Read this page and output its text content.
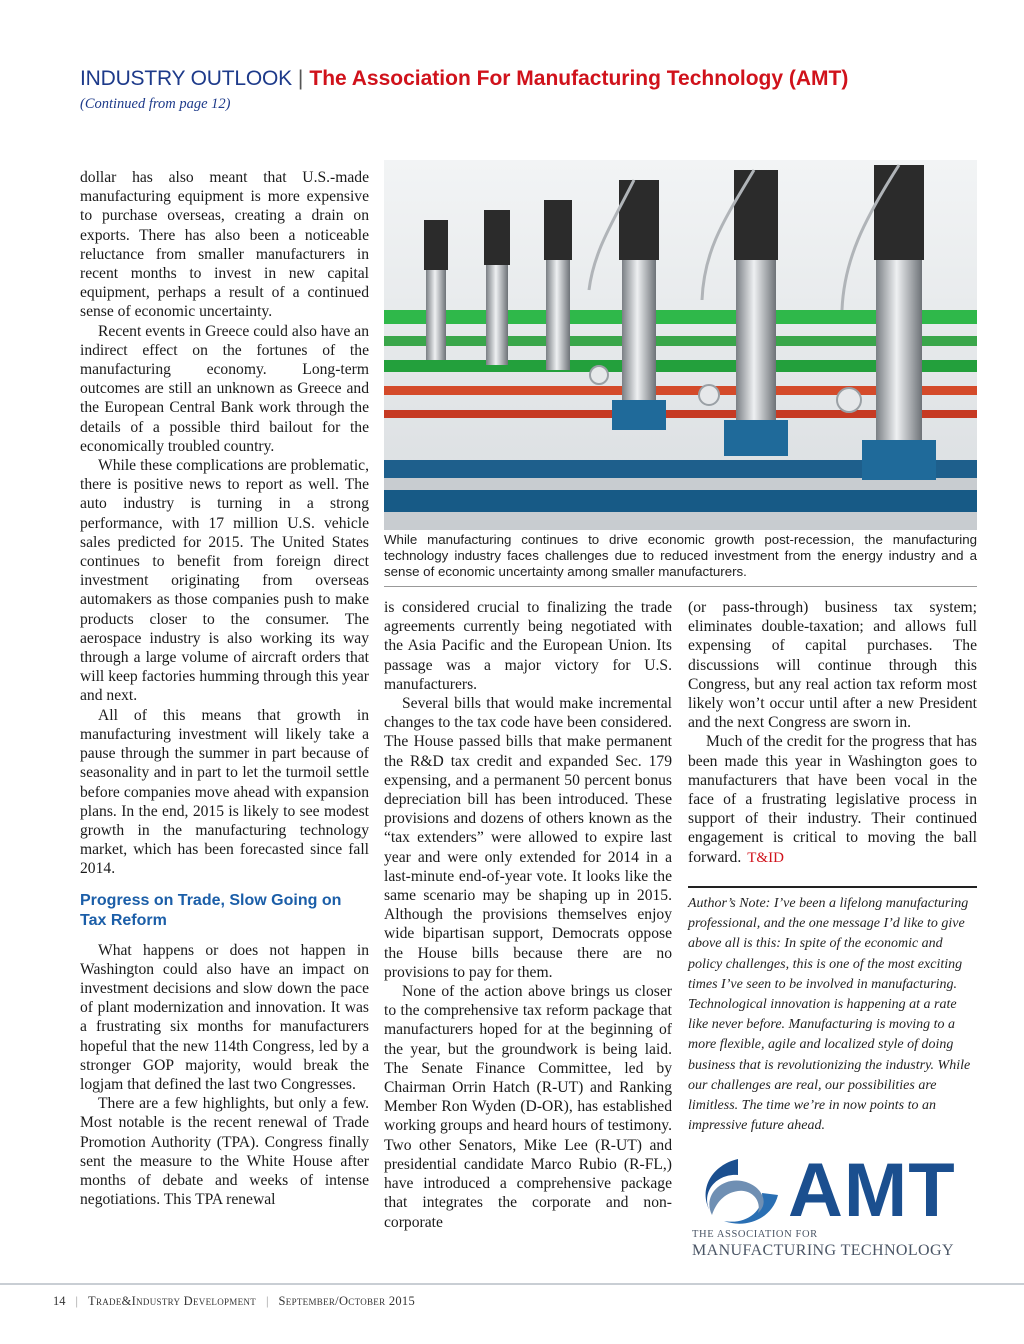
INDUSTRY OUTLOOK | The Association For Manufacturing Technology (AMT)
(Continued from page 12)

dollar has also meant that U.S.-made manufacturing equipment is more expensive to purchase overseas, creating a drain on exports. There has also been a noticeable reluctance from smaller manufacturers in recent months to invest in new capital equipment, perhaps a result of a continued sense of economic uncertainty.

Recent events in Greece could also have an indirect effect on the fortunes of the manufacturing economy. Long-term outcomes are still an unknown as Greece and the European Central Bank work through the details of a possible third bailout for the economically troubled country.

While these complications are problematic, there is positive news to report as well. The auto industry is turning in a strong performance, with 17 million U.S. vehicle sales predicted for 2015. The United States continues to benefit from foreign direct investment originating from overseas automakers as those companies push to make products closer to the consumer. The aerospace industry is also working its way through a large volume of aircraft orders that will keep factories humming through this year and next.

All of this means that growth in manufacturing investment will likely take a pause through the summer in part because of seasonality and in part to let the turmoil settle before companies move ahead with expansion plans. In the end, 2015 is likely to see modest growth in the manufacturing technology market, which has been forecasted since fall 2014.

Progress on Trade, Slow Going on Tax Reform

What happens or does not happen in Washington could also have an impact on investment decisions and slow down the pace of plant modernization and innovation. It was a frustrating six months for manufacturers hopeful that the new 114th Congress, led by a stronger GOP majority, would break the logjam that defined the last two Congresses.

There are a few highlights, but only a few. Most notable is the recent renewal of Trade Promotion Authority (TPA). Congress finally sent the measure to the White House after months of debate and weeks of intense negotiations. This TPA renewal

While manufacturing continues to drive economic growth post-recession, the manufacturing technology industry faces challenges due to reduced investment from the energy industry and a sense of economic uncertainty among smaller manufacturers.

is considered crucial to finalizing the trade agreements currently being negotiated with the Asia Pacific and the European Union. Its passage was a major victory for U.S. manufacturers.

Several bills that would make incremental changes to the tax code have been considered. The House passed bills that make permanent the R&D tax credit and expanded Sec. 179 expensing, and a permanent 50 percent bonus depreciation bill has been introduced. These provisions and dozens of others known as the “tax extenders” were allowed to expire last year and were only extended for 2014 in a last-minute end-of-year vote. It looks like the same scenario may be shaping up in 2015. Although the provisions themselves enjoy wide bipartisan support, Democrats oppose the House bills because there are no provisions to pay for them.

None of the action above brings us closer to the comprehensive tax reform package that manufacturers hoped for at the beginning of the year, but the groundwork is being laid. The Senate Finance Committee, led by Chairman Orrin Hatch (R-UT) and Ranking Member Ron Wyden (D-OR), has established working groups and heard hours of testimony. Two other Senators, Mike Lee (R-UT) and presidential candidate Marco Rubio (R-FL,) have introduced a comprehensive package that integrates the corporate and non-corporate

(or pass-through) business tax system; eliminates double-taxation; and allows full expensing of capital purchases. The discussions will continue through this Congress, but any real action tax reform most likely won’t occur until after a new President and the next Congress are sworn in.

Much of the credit for the progress that has been made this year in Washington goes to manufacturers that have been vocal in the face of a frustrating legislative process in support of their industry. Their continued engagement is critical to moving the ball forward. T&ID

Author’s Note: I’ve been a lifelong manufacturing professional, and the one message I’d like to give above all is this: In spite of the economic and policy challenges, this is one of the most exciting times I’ve seen to be involved in manufacturing. Technological innovation is happening at a rate like never before. Manufacturing is moving to a more flexible, agile and localized style of doing business that is revolutionizing the industry. While our challenges are real, our possibilities are limitless. The time we’re in now points to an impressive future ahead.
AMT
THE ASSOCIATION FOR
MANUFACTURING TECHNOLOGY
14 | Trade&Industry Development | September/October 2015
